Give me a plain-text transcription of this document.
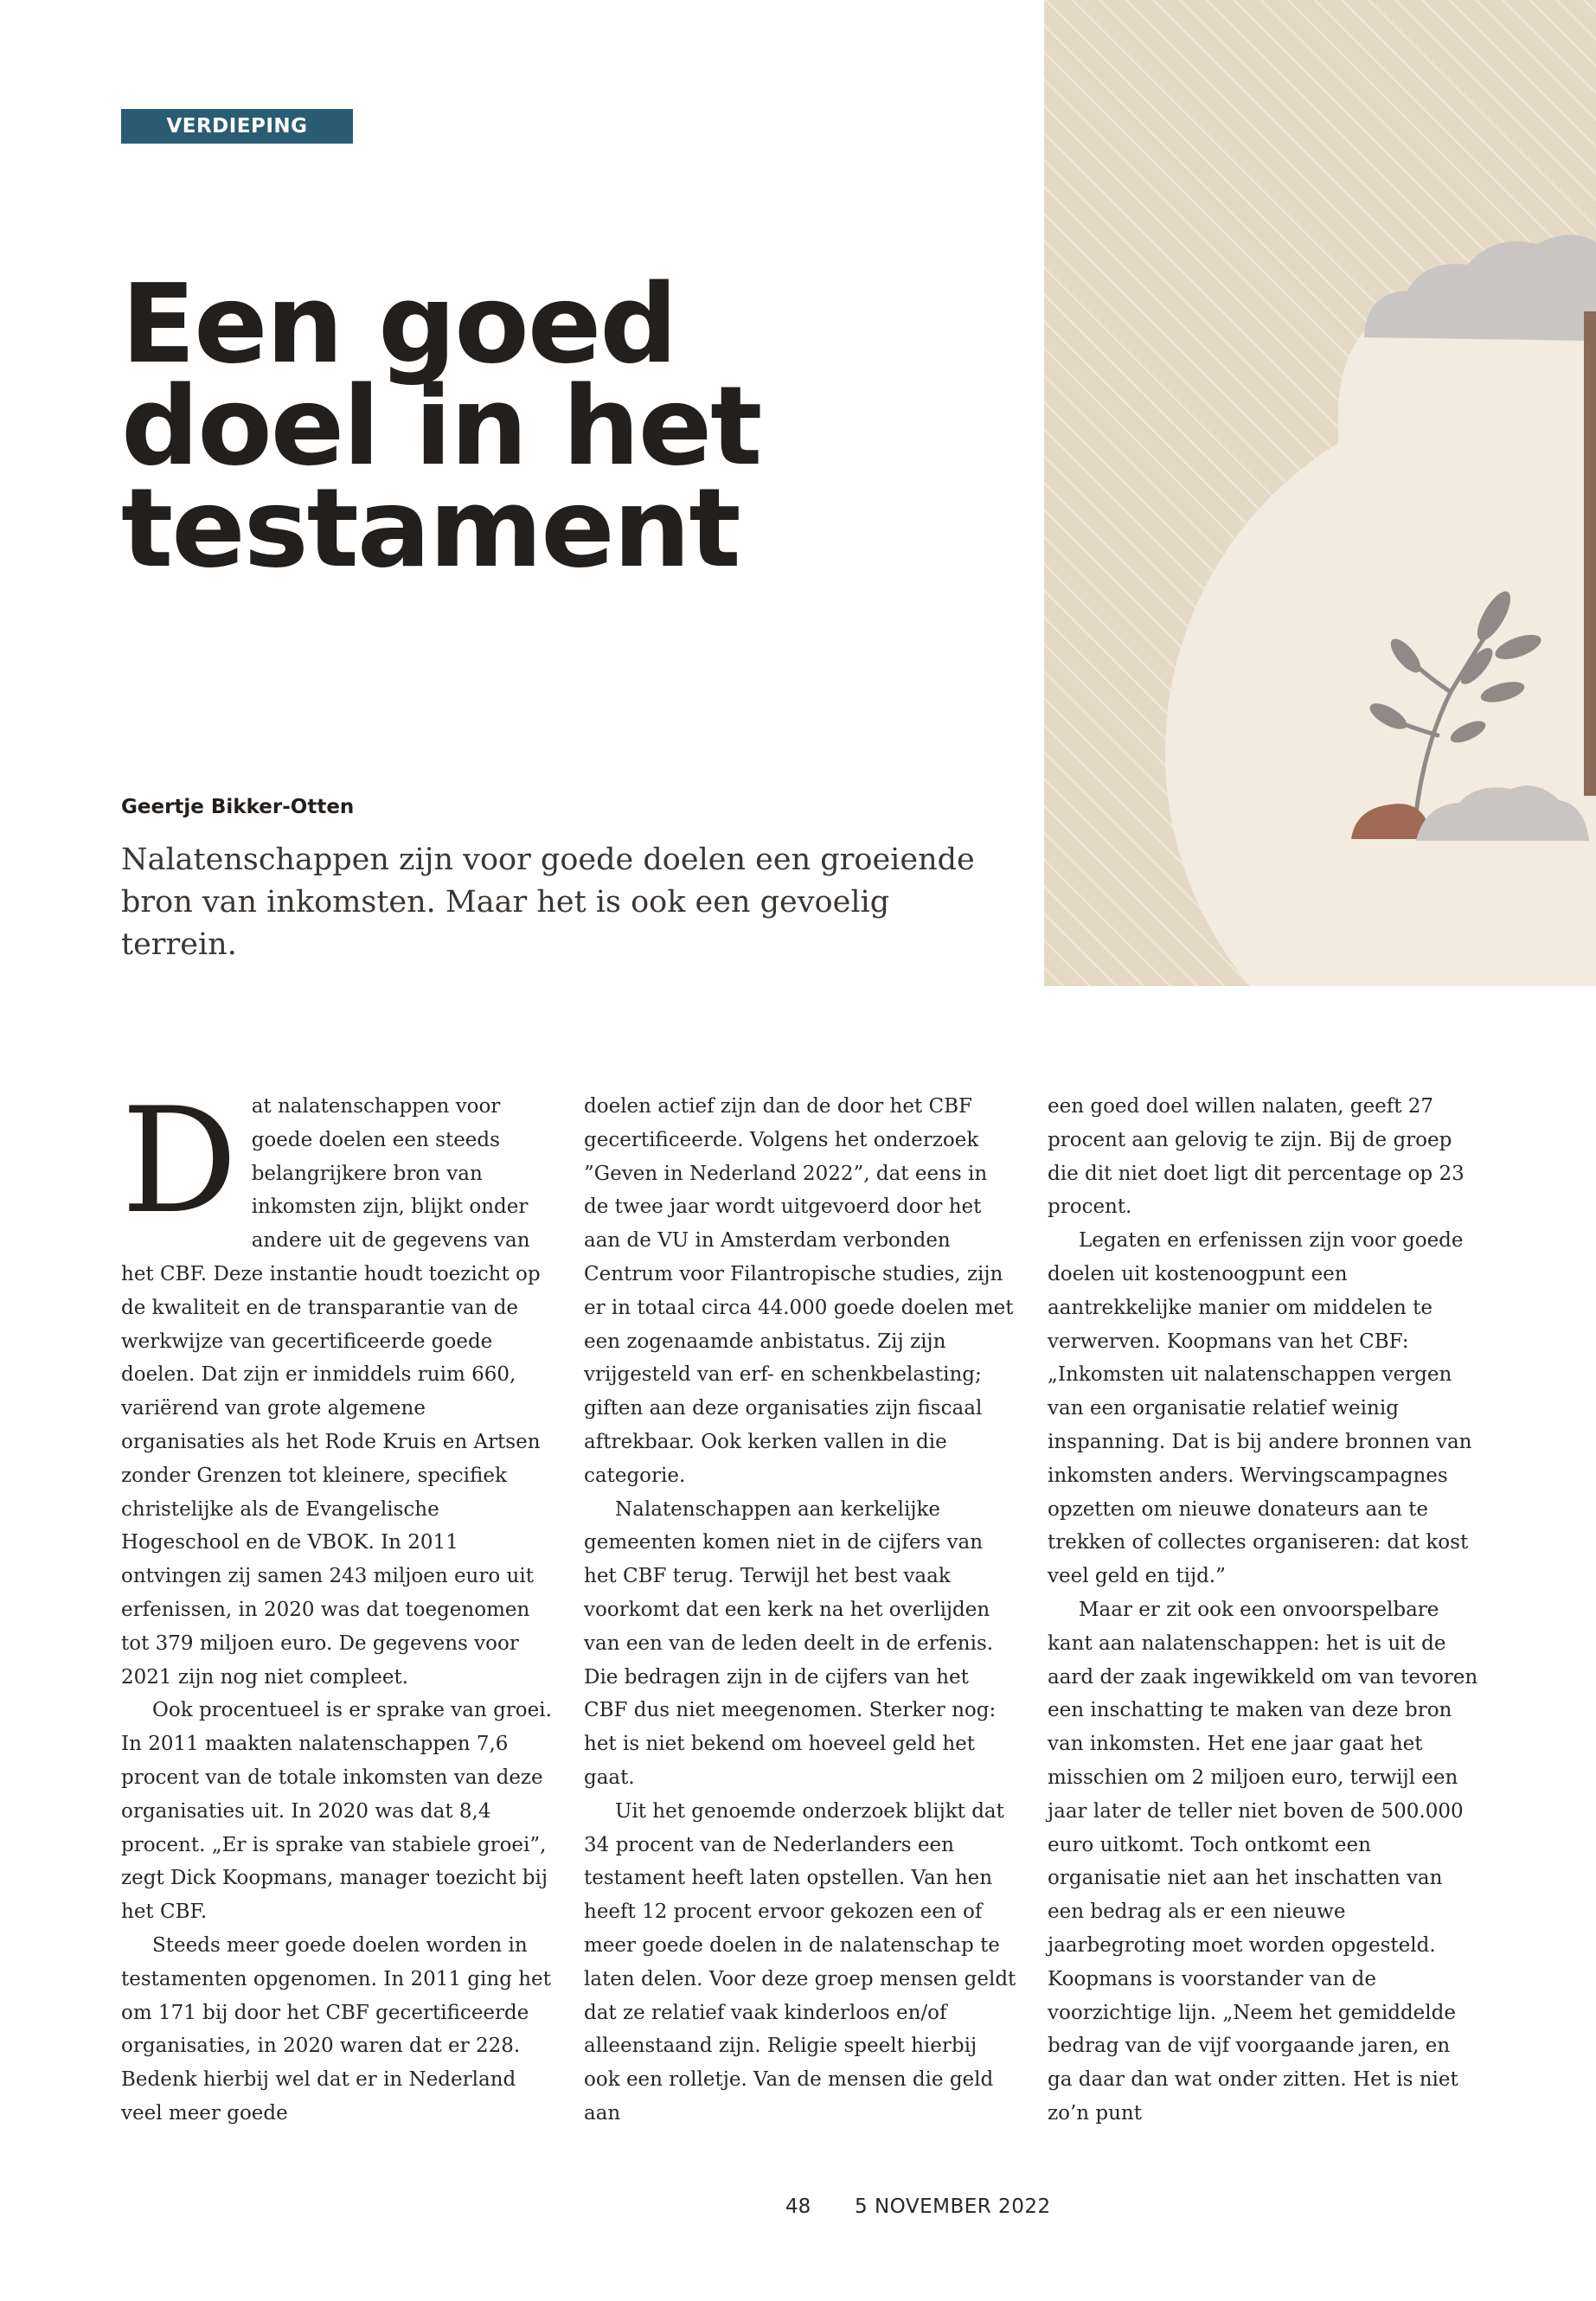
VERDIEPING
Een goed
doel in het
testament
Geertje Bikker-Otten

Nalatenschappen zijn voor goede doelen een groeiende bron van inkomsten. Maar het is ook een gevoelig terrein.

Dat nalatenschappen voor goede doelen een steeds belangrijkere bron van inkomsten zijn, blijkt onder andere uit de gegevens van het CBF. Deze instantie houdt toezicht op de kwaliteit en de transparantie van de werkwijze van gecertificeerde goede doelen. Dat zijn er inmiddels ruim 660, variërend van grote algemene organisaties als het Rode Kruis en Artsen zonder Grenzen tot kleinere, specifiek christelijke als de Evangelische Hogeschool en de VBOK. In 2011 ontvingen zij samen 243 miljoen euro uit erfenissen, in 2020 was dat toegenomen tot 379 miljoen euro. De gegevens voor 2021 zijn nog niet compleet.

Ook procentueel is er sprake van groei. In 2011 maakten nalatenschappen 7,6 procent van de totale inkomsten van deze organisaties uit. In 2020 was dat 8,4 procent. „Er is sprake van stabiele groei”, zegt Dick Koopmans, manager toezicht bij het CBF.

Steeds meer goede doelen worden in testamenten opgenomen. In 2011 ging het om 171 bij door het CBF gecertificeerde organisaties, in 2020 waren dat er 228. Bedenk hierbij wel dat er in Nederland veel meer goede

doelen actief zijn dan de door het CBF gecertificeerde. Volgens het onderzoek ”Geven in Nederland 2022”, dat eens in de twee jaar wordt uitgevoerd door het aan de VU in Amsterdam verbonden Centrum voor Filantropische studies, zijn er in totaal circa 44.000 goede doelen met een zogenaamde anbistatus. Zij zijn vrijgesteld van erf- en schenkbelasting; giften aan deze organisaties zijn fiscaal aftrekbaar. Ook kerken vallen in die categorie.

Nalatenschappen aan kerkelijke gemeenten komen niet in de cijfers van het CBF terug. Terwijl het best vaak voorkomt dat een kerk na het overlijden van een van de leden deelt in de erfenis. Die bedragen zijn in de cijfers van het CBF dus niet meegenomen. Sterker nog: het is niet bekend om hoeveel geld het gaat.

Uit het genoemde onderzoek blijkt dat 34 procent van de Nederlanders een testament heeft laten opstellen. Van hen heeft 12 procent ervoor gekozen een of meer goede doelen in de nalatenschap te laten delen. Voor deze groep mensen geldt dat ze relatief vaak kinderloos en/of alleenstaand zijn. Religie speelt hierbij ook een rolletje. Van de mensen die geld aan

een goed doel willen nalaten, geeft 27 procent aan gelovig te zijn. Bij de groep die dit niet doet ligt dit percentage op 23 procent.

Legaten en erfenissen zijn voor goede doelen uit kostenoogpunt een aantrekkelijke manier om middelen te verwerven. Koopmans van het CBF: „Inkomsten uit nalatenschappen vergen van een organisatie relatief weinig inspanning. Dat is bij andere bronnen van inkomsten anders. Wervingscampagnes opzetten om nieuwe donateurs aan te trekken of collectes organiseren: dat kost veel geld en tijd.”

Maar er zit ook een onvoorspelbare kant aan nalatenschappen: het is uit de aard der zaak ingewikkeld om van tevoren een inschatting te maken van deze bron van inkomsten. Het ene jaar gaat het misschien om 2 miljoen euro, terwijl een jaar later de teller niet boven de 500.000 euro uitkomt. Toch ontkomt een organisatie niet aan het inschatten van een bedrag als er een nieuwe jaarbegroting moet worden opgesteld. Koopmans is voorstander van de voorzichtige lijn. „Neem het gemiddelde bedrag van de vijf voorgaande jaren, en ga daar dan wat onder zitten. Het is niet zo’n punt

48 5 NOVEMBER 2022
